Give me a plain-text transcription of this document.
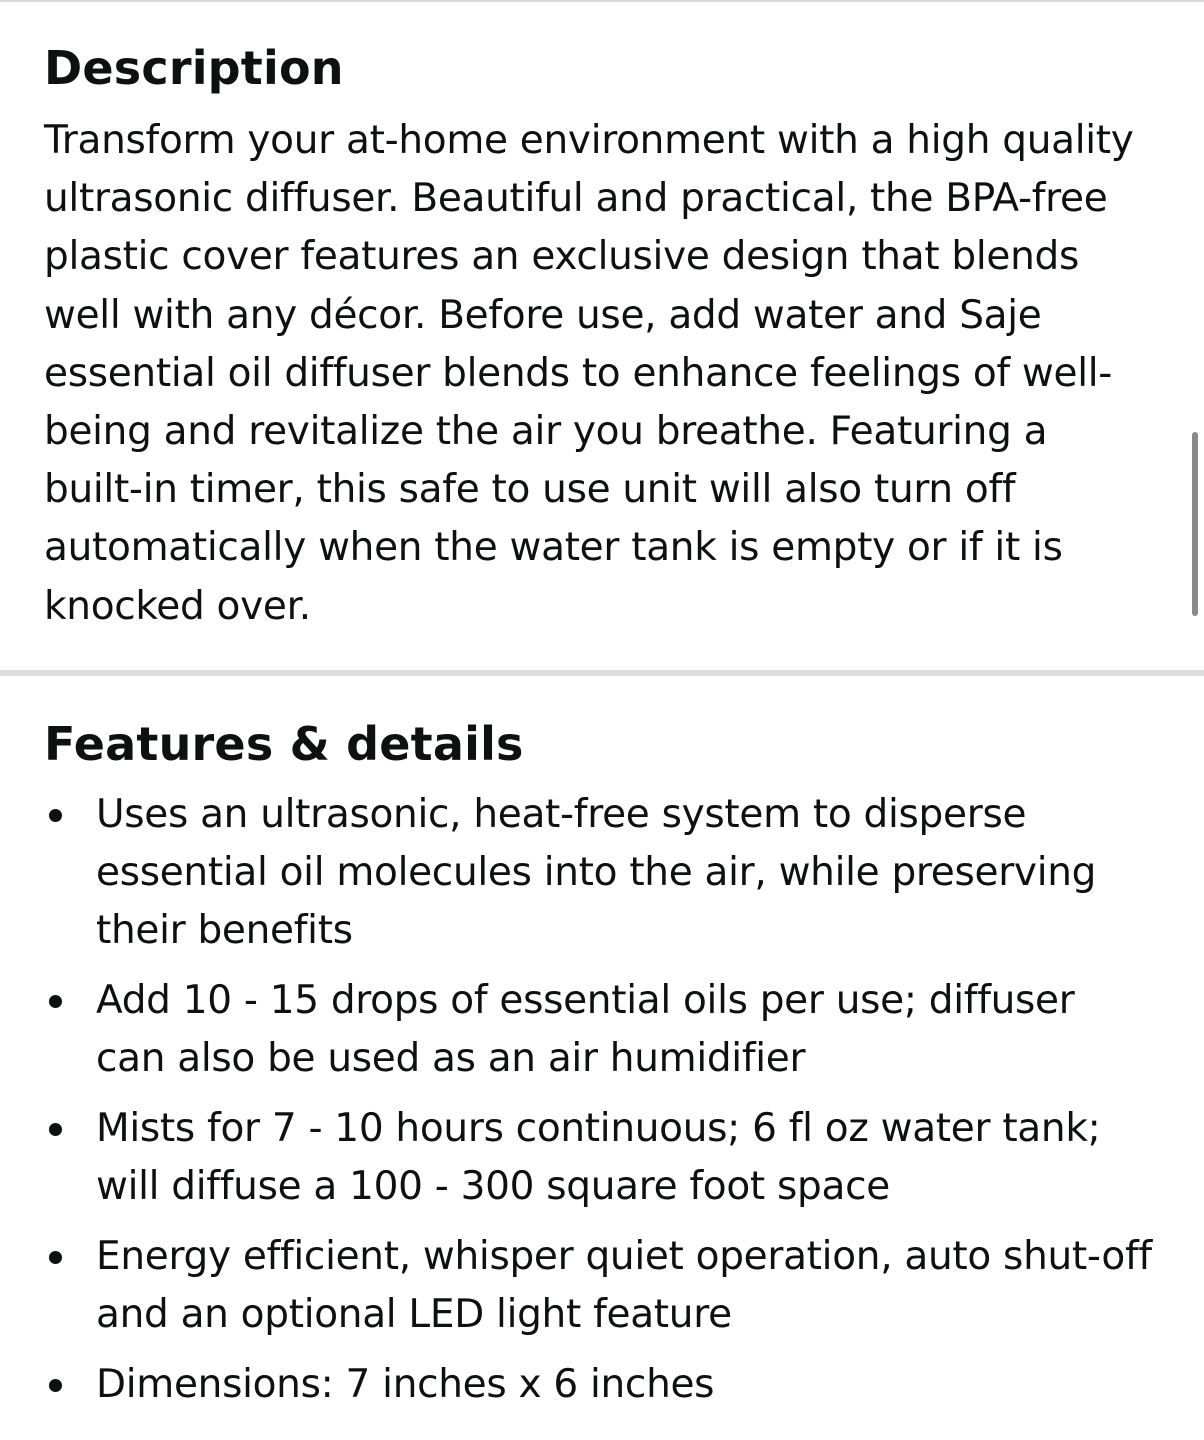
Description

Transform your at-home environment with a high quality ultrasonic diffuser. Beautiful and practical, the BPA-free plastic cover features an exclusive design that blends well with any décor. Before use, add water and Saje essential oil diffuser blends to enhance feelings of well-being and revitalize the air you breathe. Featuring a built-in timer, this safe to use unit will also turn off automatically when the water tank is empty or if it is knocked over.

Features & details
Uses an ultrasonic, heat-free system to disperse essential oil molecules into the air, while preserving their benefits
Add 10 - 15 drops of essential oils per use; diffuser can also be used as an air humidifier
Mists for 7 - 10 hours continuous; 6 fl oz water tank; will diffuse a 100 - 300 square foot space
Energy efficient, whisper quiet operation, auto shut-off and an optional LED light feature
Dimensions: 7 inches x 6 inches
